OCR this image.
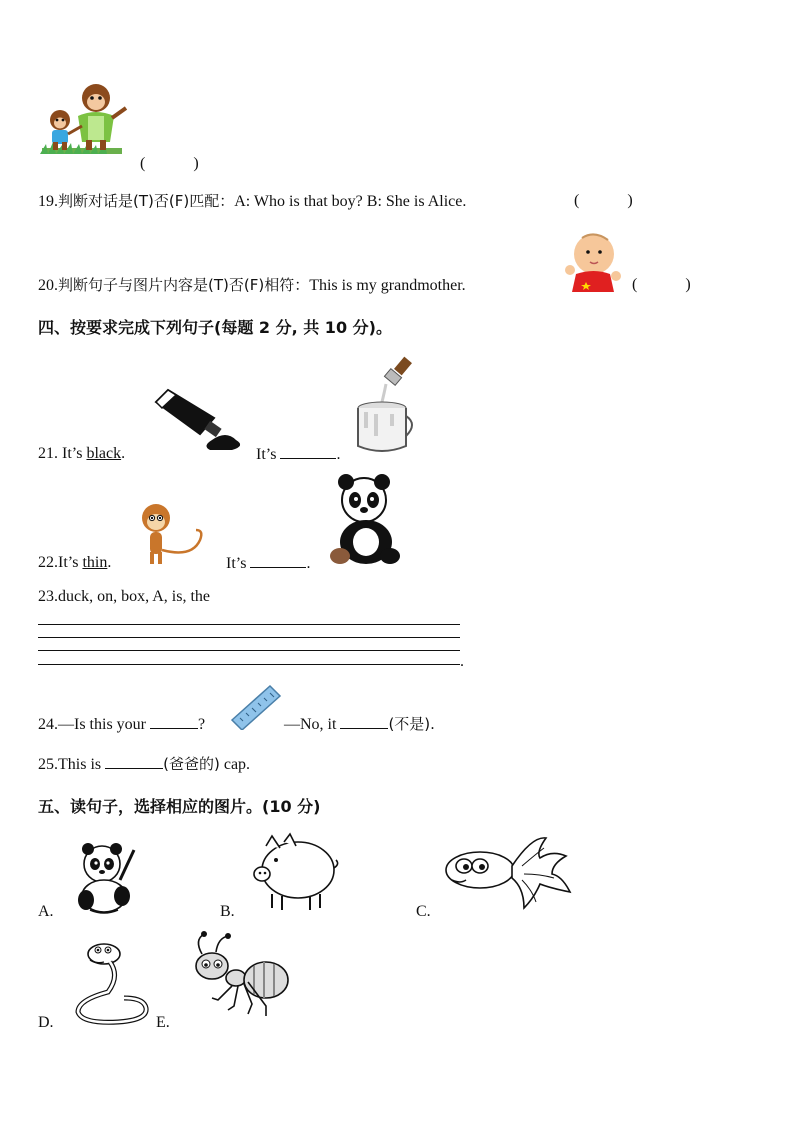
(　　　)
19.判断对话是(T)否(F)匹配：A: Who is that boy? B: She is Alice.	(　　　)
20.判断句子与图片内容是(T)否(F)相符：This is my grandmother.	(　　　)
四、按要求完成下列句子(每题 2 分, 共 10 分)。
21. It’s black.	It’s	.
22.It’s thin.	It’s	.
23.duck, on, box, A, is, the
.
24.—Is this your	?	—No, it	(不是).
25.This is	(爸爸的) cap.
五、读句子，选择相应的图片。(10 分)
A.	B.	C.
D.	E.
